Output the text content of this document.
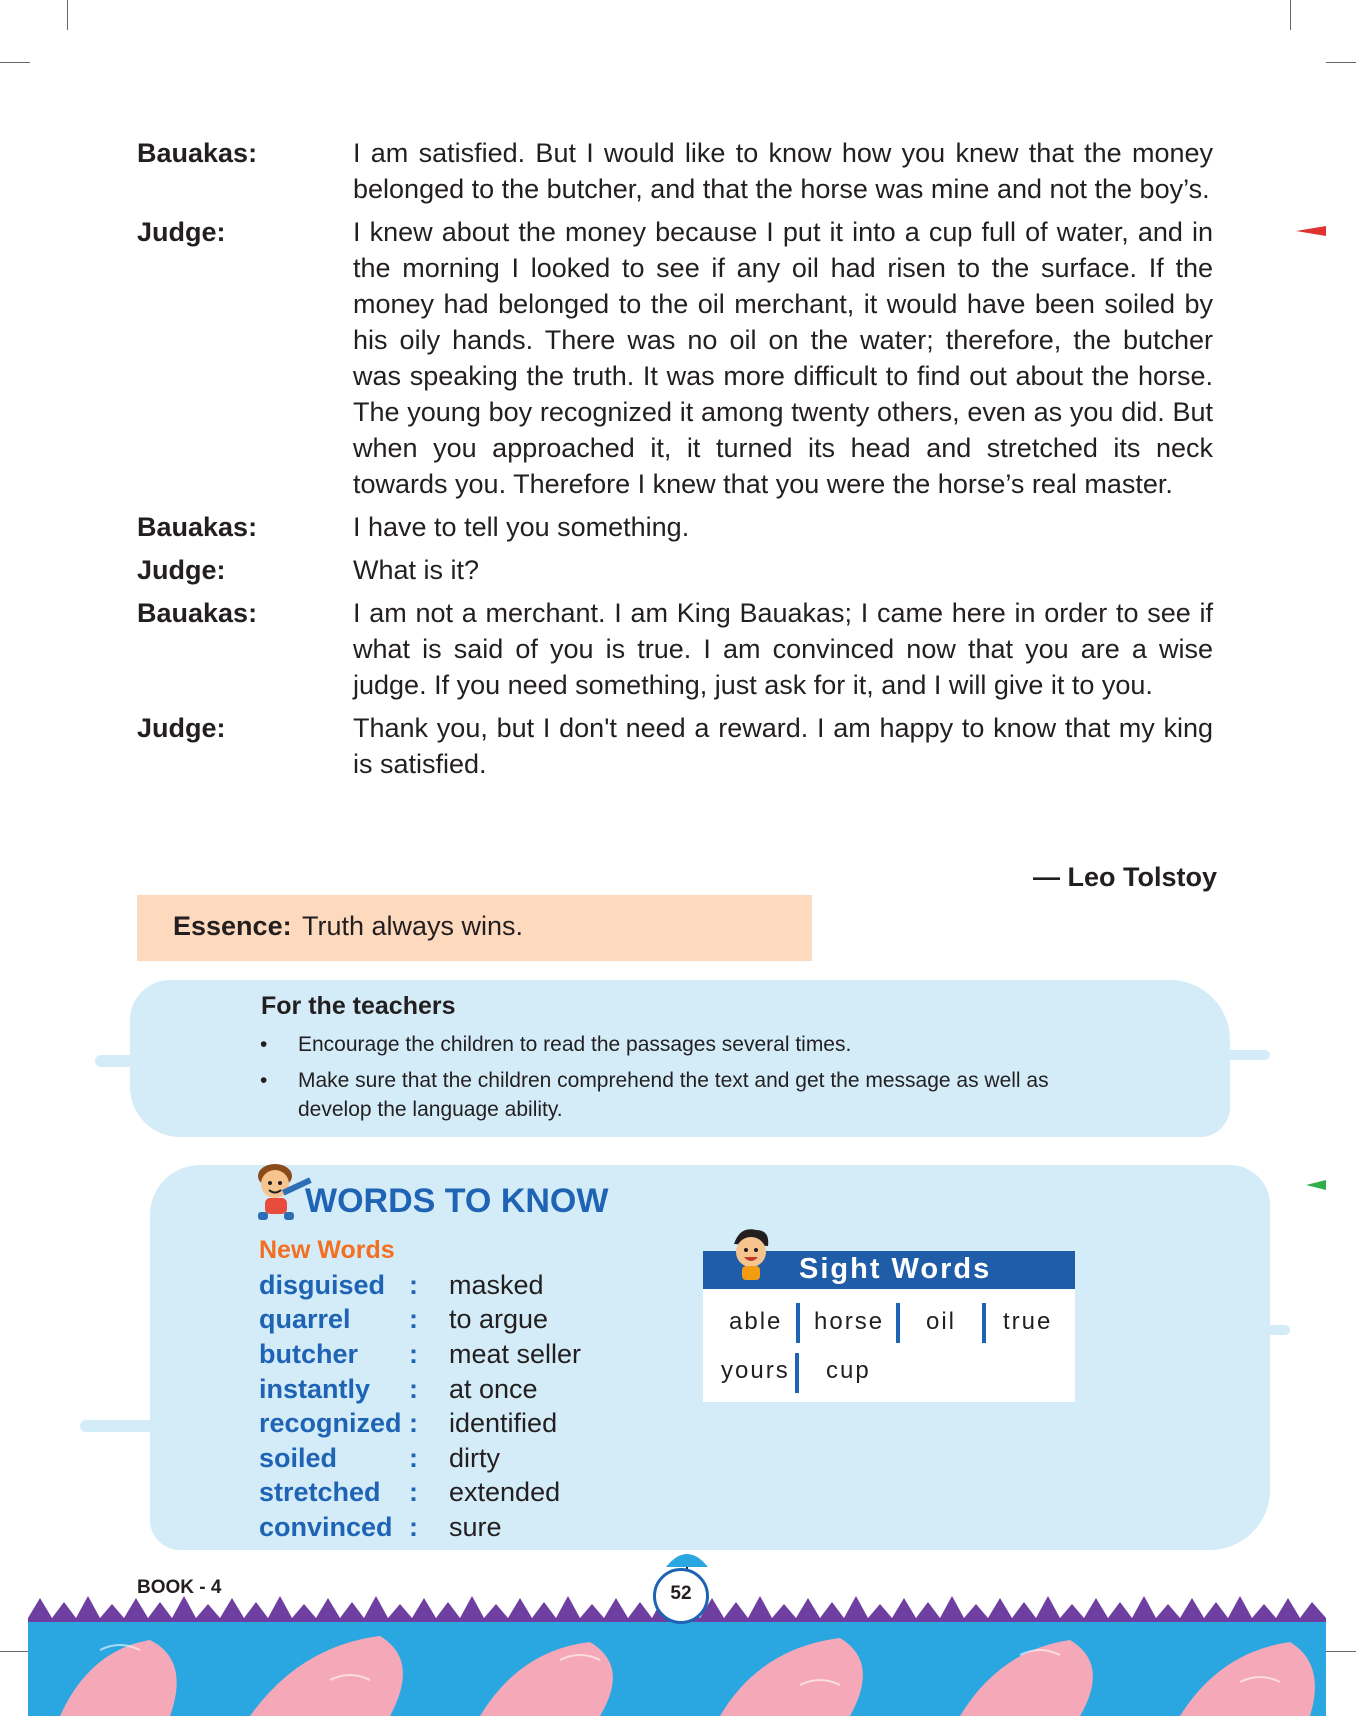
Bauakas:	I am satisfied. But I would like to know how you knew that the money belonged to the butcher, and that the horse was mine and not the boy’s.
Judge:	I knew about the money because I put it into a cup full of water, and in the morning I looked to see if any oil had risen to the surface. If the money had belonged to the oil merchant, it would have been soiled by his oily hands. There was no oil on the water; therefore, the butcher was speaking the truth. It was more difficult to find out about the horse. The young boy recognized it among twenty others, even as you did. But when you approached it, it turned its head and stretched its neck towards you. Therefore I knew that you were the horse’s real master.
Bauakas:	I have to tell you something.
Judge:	What is it?
Bauakas:	I am not a merchant. I am King Bauakas; I came here in order to see if what is said of you is true. I am convinced now that you are a wise judge. If you need something, just ask for it, and I will give it to you.
Judge:	Thank you, but I don't need a reward. I am happy to know that my king is satisfied.
— Leo Tolstoy
Essence: Truth always wins.
For the teachers
• Encourage the children to read the passages several times.
• Make sure that the children comprehend the text and get the message as well as develop the language ability.
WORDS TO KNOW
New Words
disguised :	masked
quarrel	:	to argue
butcher	:	meat seller
instantly	:	at once
recognized :	identified
soiled	:	dirty
stretched	:	extended
convinced :	sure
Sight Words
able horse oil true
yours cup
BOOK - 4	52
